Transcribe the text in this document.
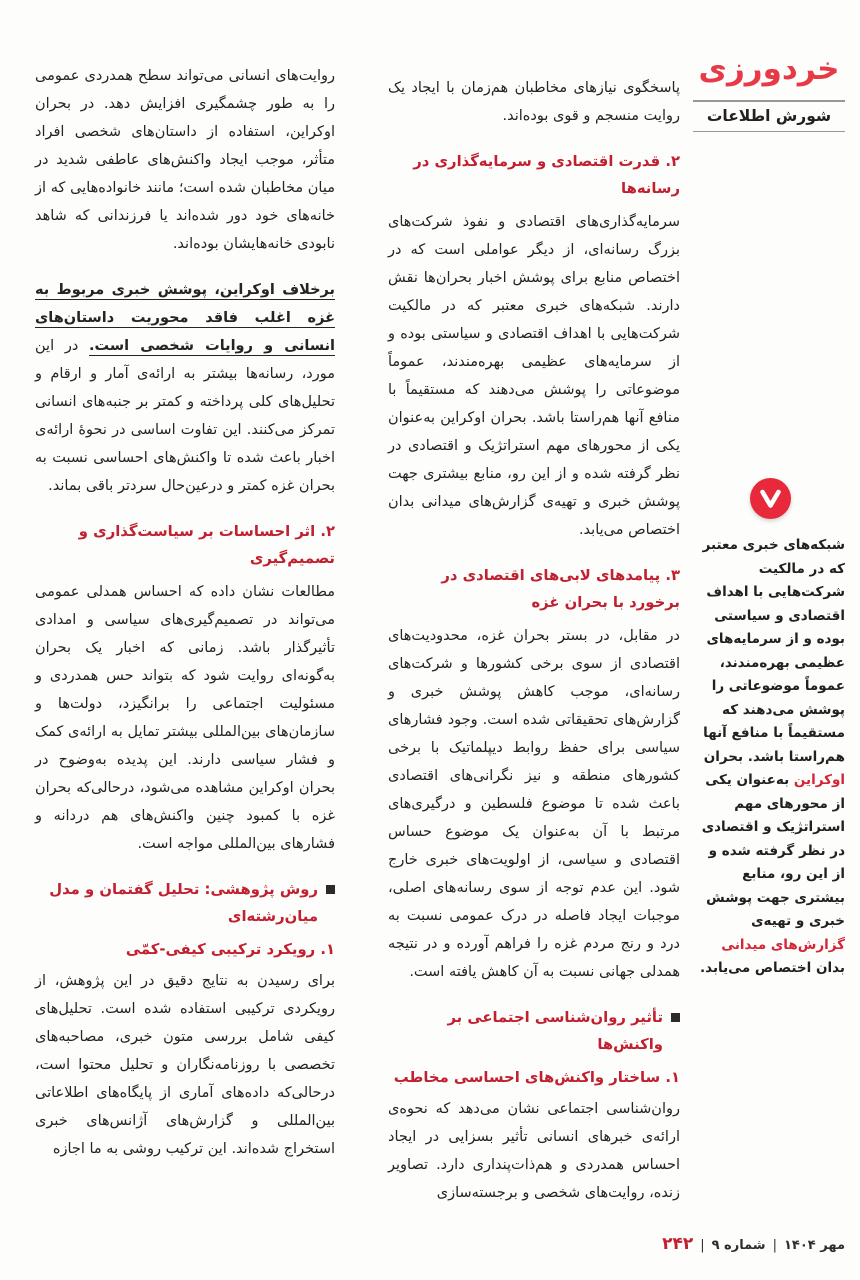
خردورزی
شورش اطلاعات

پاسخگوی نیازهای مخاطبان هم‌زمان با ایجاد یک روایت منسجم و قوی بوده‌اند.

۲. قدرت اقتصادی و سرمایه‌گذاری در رسانه‌ها

سرمایه‌گذاری‌های اقتصادی و نفوذ شرکت‌های بزرگ رسانه‌ای، از دیگر عواملی است که در اختصاص منابع برای پوشش اخبار بحران‌ها نقش دارند. شبکه‌های خبری معتبر که در مالکیت شرکت‌هایی با اهداف اقتصادی و سیاستی بوده و از سرمایه‌های عظیمی بهره‌مندند، عموماً موضوعاتی را پوشش می‌دهند که مستقیماً با منافع آنها هم‌راستا باشد. بحران اوکراین به‌عنوان یکی از محورهای مهم استراتژیک و اقتصادی در نظر گرفته شده و از این رو، منابع بیشتری جهت پوشش خبری و تهیه‌ی گزارش‌های میدانی بدان اختصاص می‌یابد.

۳. پیامدهای لابی‌های اقتصادی در برخورد با بحران غزه

در مقابل، در بستر بحران غزه، محدودیت‌های اقتصادی از سوی برخی کشورها و شرکت‌های رسانه‌ای، موجب کاهش پوشش خبری و گزارش‌های تحقیقاتی شده است. وجود فشارهای سیاسی برای حفظ روابط دیپلماتیک با برخی کشورهای منطقه و نیز نگرانی‌های اقتصادی باعث شده تا موضوع فلسطین و درگیری‌های مرتبط با آن به‌عنوان یک موضوع حساس اقتصادی و سیاسی، از اولویت‌های خبری خارج شود. این عدم توجه از سوی رسانه‌های اصلی، موجبات ایجاد فاصله در درک عمومی نسبت به درد و رنج مردم غزه را فراهم آورده و در نتیجه همدلی جهانی نسبت به آن کاهش یافته است.

تأثیر روان‌شناسی اجتماعی بر واکنش‌ها
۱. ساختار واکنش‌های احساسی مخاطب

روان‌شناسی اجتماعی نشان می‌دهد که نحوه‌ی ارائه‌ی خبرهای انسانی تأثیر بسزایی در ایجاد احساس همدردی و هم‌ذات‌پنداری دارد. تصاویر زنده، روایت‌های شخصی و برجسته‌سازی

روایت‌های انسانی می‌تواند سطح همدردی عمومی را به طور چشمگیری افزایش دهد. در بحران اوکراین، استفاده از داستان‌های شخصی افراد متأثر، موجب ایجاد واکنش‌های عاطفی شدید در میان مخاطبان شده است؛ مانند خانواده‌هایی که از خانه‌های خود دور شده‌اند یا فرزندانی که شاهد نابودی خانه‌هایشان بوده‌اند.

برخلاف اوکراین، پوشش خبری مربوط به غزه اغلب فاقد محوریت داستان‌های انسانی و روایات شخصی است. در این مورد، رسانه‌ها بیشتر به ارائه‌ی آمار و ارقام و تحلیل‌های کلی پرداخته و کمتر بر جنبه‌های انسانی تمرکز می‌کنند. این تفاوت اساسی در نحوهٔ ارائه‌ی اخبار باعث شده تا واکنش‌های احساسی نسبت به بحران غزه کمتر و درعین‌حال سردتر باقی بماند.

۲. اثر احساسات بر سیاست‌گذاری و تصمیم‌گیری

مطالعات نشان داده که احساس همدلی عمومی می‌تواند در تصمیم‌گیری‌های سیاسی و امدادی تأثیرگذار باشد. زمانی که اخبار یک بحران به‌گونه‌ای روایت شود که بتواند حس همدردی و مسئولیت اجتماعی را برانگیزد، دولت‌ها و سازمان‌های بین‌المللی بیشتر تمایل به ارائه‌ی کمک و فشار سیاسی دارند. این پدیده به‌وضوح در بحران اوکراین مشاهده می‌شود، درحالی‌که بحران غزه با کمبود چنین واکنش‌های هم دردانه و فشارهای بین‌المللی مواجه است.

روش پژوهشی: تحلیل گفتمان و مدل میان‌رشته‌ای
۱. رویکرد ترکیبی کیفی-کمّی

برای رسیدن به نتایج دقیق در این پژوهش، از رویکردی ترکیبی استفاده شده است. تحلیل‌های کیفی شامل بررسی متون خبری، مصاحبه‌های تخصصی با روزنامه‌نگاران و تحلیل محتوا است، درحالی‌که داده‌های آماری از پایگاه‌های اطلاعاتی بین‌المللی و گزارش‌های آژانس‌های خبری استخراج شده‌اند. این ترکیب روشی به ما اجازه

شبکه‌های خبری معتبر که در مالکیت شرکت‌هایی با اهداف اقتصادی و سیاستی بوده و از سرمایه‌های عظیمی بهره‌مندند، عموماً موضوعاتی را پوشش می‌دهند که مستقیماً با منافع آنها هم‌راستا باشد. بحران اوکراین به‌عنوان یکی از محورهای مهم استراتژیک و اقتصادی در نظر گرفته شده و از این رو، منابع بیشتری جهت پوشش خبری و تهیه‌ی گزارش‌های میدانی بدان اختصاص می‌یابد.

مهر ۱۴۰۴
|
شماره ۹
|
۲۴۲
